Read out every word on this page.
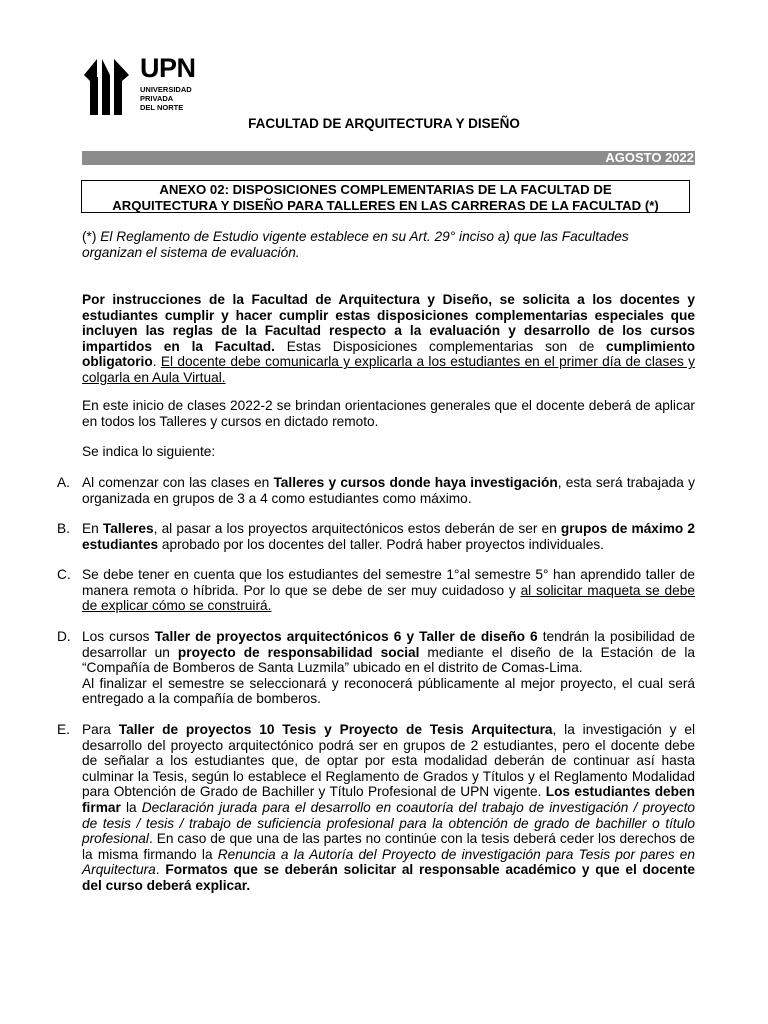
UPN
UNIVERSIDAD
PRIVADA
DEL NORTE
FACULTAD DE ARQUITECTURA Y DISEÑO
AGOSTO 2022
ANEXO 02: DISPOSICIONES COMPLEMENTARIAS DE LA FACULTAD DE
ARQUITECTURA Y DISEÑO PARA TALLERES EN LAS CARRERAS DE LA FACULTAD (*)
(*) El Reglamento de Estudio vigente establece en su Art. 29° inciso a) que las Facultades organizan el sistema de evaluación.
Por instrucciones de la Facultad de Arquitectura y Diseño, se solicita a los docentes y estudiantes cumplir y hacer cumplir estas disposiciones complementarias especiales que incluyen las reglas de la Facultad respecto a la evaluación y desarrollo de los cursos impartidos en la Facultad. Estas Disposiciones complementarias son de cumplimiento obligatorio. El docente debe comunicarla y explicarla a los estudiantes en el primer día de clases y colgarla en Aula Virtual.
En este inicio de clases 2022-2 se brindan orientaciones generales que el docente deberá de aplicar en todos los Talleres y cursos en dictado remoto.
Se indica lo siguiente:
A. Al comenzar con las clases en Talleres y cursos donde haya investigación, esta será trabajada y organizada en grupos de 3 a 4 como estudiantes como máximo.
B. En Talleres, al pasar a los proyectos arquitectónicos estos deberán de ser en grupos de máximo 2 estudiantes aprobado por los docentes del taller. Podrá haber proyectos individuales.
C. Se debe tener en cuenta que los estudiantes del semestre 1°al semestre 5° han aprendido taller de manera remota o híbrida. Por lo que se debe de ser muy cuidadoso y al solicitar maqueta se debe de explicar cómo se construirá.
D. Los cursos Taller de proyectos arquitectónicos 6 y Taller de diseño 6 tendrán la posibilidad de desarrollar un proyecto de responsabilidad social mediante el diseño de la Estación de la “Compañía de Bomberos de Santa Luzmila” ubicado en el distrito de Comas-Lima.
Al finalizar el semestre se seleccionará y reconocerá públicamente al mejor proyecto, el cual será entregado a la compañía de bomberos.
E. Para Taller de proyectos 10 Tesis y Proyecto de Tesis Arquitectura, la investigación y el desarrollo del proyecto arquitectónico podrá ser en grupos de 2 estudiantes, pero el docente debe de señalar a los estudiantes que, de optar por esta modalidad deberán de continuar así hasta culminar la Tesis, según lo establece el Reglamento de Grados y Títulos y el Reglamento Modalidad para Obtención de Grado de Bachiller y Título Profesional de UPN vigente. Los estudiantes deben firmar la Declaración jurada para el desarrollo en coautoría del trabajo de investigación / proyecto de tesis / tesis / trabajo de suficiencia profesional para la obtención de grado de bachiller o título profesional. En caso de que una de las partes no continúe con la tesis deberá ceder los derechos de la misma firmando la Renuncia a la Autoría del Proyecto de investigación para Tesis por pares en Arquitectura. Formatos que se deberán solicitar al responsable académico y que el docente del curso deberá explicar.
